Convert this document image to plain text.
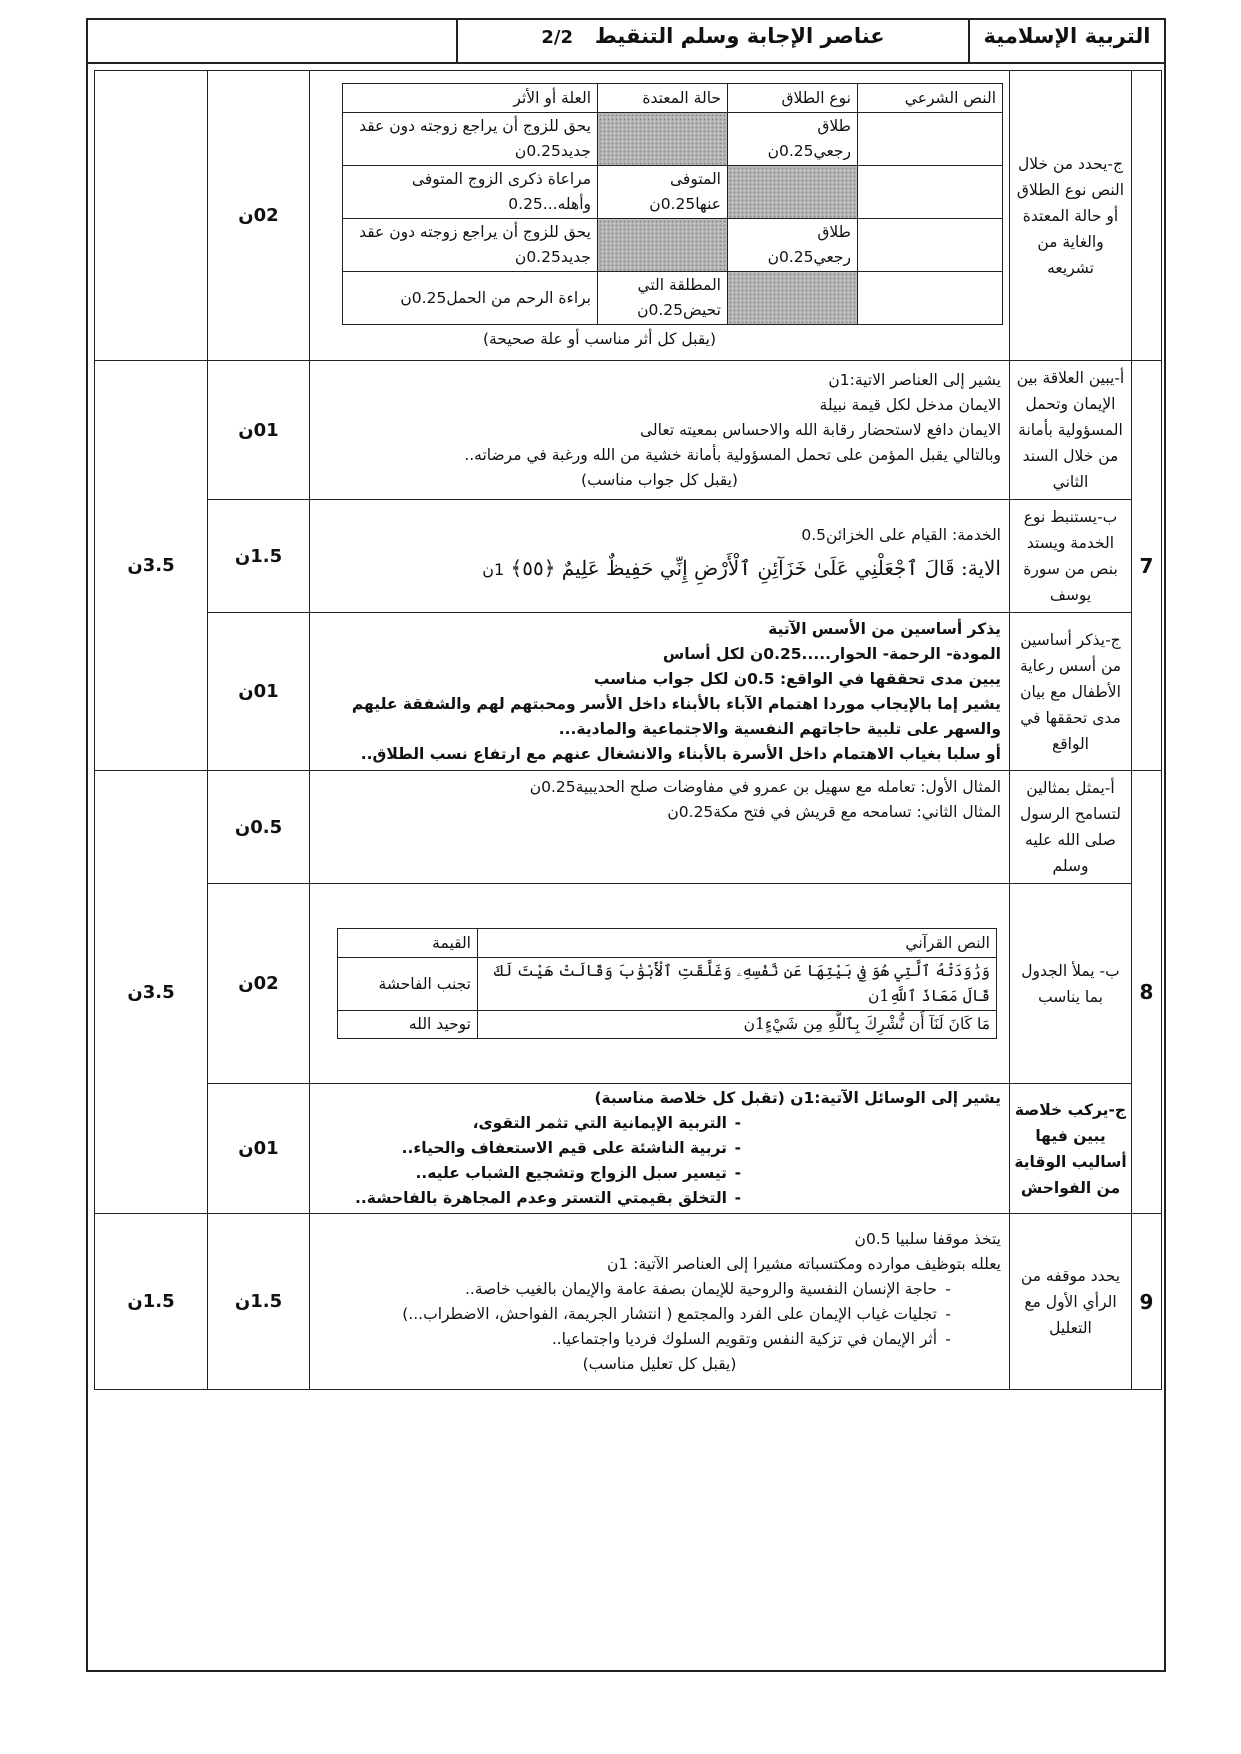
التربية الإسلامية
عناصر الإجابة وسلم التنقيط   2/2
	ج-يحدد من خلال النص نوع الطلاق أو حالة المعتدة والغاية من تشريعه	
النص الشرعي	نوع الطلاق	حالة المعتدة	العلة أو الأثر
	طلاق رجعي0.25ن		يحق للزوج أن يراجع زوجته دون عقد جديد0.25ن
		المتوفى عنها0.25ن	مراعاة ذكرى الزوج المتوفى وأهله...0.25
	طلاق رجعي0.25ن		يحق للزوج أن يراجع زوجته دون عقد جديد0.25ن
		المطلقة التي تحيض0.25ن	براءة الرحم من الحمل0.25ن
(يقبل كل أثر مناسب أو علة صحيحة)
	02ن	
7	أ-يبين العلاقة بين الإيمان وتحمل المسؤولية بأمانة من خلال السند الثاني	
يشير إلى العناصر الاتية:1ن
الايمان مدخل لكل قيمة نبيلة
الايمان دافع لاستحضار رقابة الله والاحساس بمعيته تعالى
وبالتالي يقبل المؤمن على تحمل المسؤولية بأمانة خشية من الله ورغبة في مرضاته..
(يقبل كل جواب مناسب)
	01ن	3.5ن
ب-يستنبط نوع الخدمة ويستد بنص من سورة يوسف	
الخدمة: القيام على الخزائن0.5
الاية: قَالَ ٱجْعَلْنِي عَلَىٰ خَزَآئِنِ ٱلْأَرْضِ إِنِّي حَفِيظٌ عَلِيمٌ ﴿٥٥﴾ 1ن
	1.5ن
ج-يذكر أساسين من أسس رعاية الأطفال مع بيان مدى تحققها في الواقع	
يذكر أساسين من الأسس الآتية
المودة- الرحمة- الحوار.....0.25ن لكل أساس
يبين مدى تحققها في الواقع: 0.5ن لكل جواب مناسب
يشير إما بالإيجاب موردا اهتمام الآباء بالأبناء داخل الأسر ومحبتهم لهم والشفقة عليهم
والسهر على تلبية حاجاتهم النفسية والاجتماعية والمادية...
أو سلبا بغياب الاهتمام داخل الأسرة بالأبناء والانشغال عنهم مع ارتفاع نسب الطلاق..
	01ن
8	أ-يمثل بمثالين لتسامح الرسول صلى الله عليه وسلم	
المثال الأول: تعامله مع سهيل بن عمرو في مفاوضات صلح الحديبية0.25ن
المثال الثاني: تسامحه مع قريش في فتح مكة0.25ن
	0.5ن	3.5ن
ب- يملأ الجدول بما يناسب	
النص القرآني	القيمة
وَرَٰوَدَتْهُ ٱلَّتِي هُوَ فِي بَيْتِهَا عَن نَّفْسِهِۦ وَغَلَّقَتِ ٱلْأَبْوَٰبَ وَقَالَتْ هَيْتَ لَكَ قَالَ مَعَاذَ ٱللَّهِ1ن	تجنب الفاحشة
مَا كَانَ لَنَآ أَن نُّشْرِكَ بِٱللَّهِ مِن شَيْءٍ1ن	توحيد الله
	02ن
ج-يركب خلاصة يبين فيها أساليب الوقاية من الفواحش	
يشير إلى الوسائل الآتية:1ن (تقبل كل خلاصة مناسبة)
- التربية الإيمانية التي تثمر التقوى،
- تربية الناشئة على قيم الاستعفاف والحياء..
- تيسير سبل الزواج وتشجيع الشباب عليه..
- التخلق بقيمتي التستر وعدم المجاهرة بالفاحشة..
	01ن
9	يحدد موقفه من الرأي الأول مع التعليل	
يتخذ موقفا سلبيا 0.5ن
يعلله بتوظيف موارده ومكتسباته مشيرا إلى العناصر الآتية: 1ن
- حاجة الإنسان النفسية والروحية للإيمان بصفة عامة والإيمان بالغيب خاصة..
- تجليات غياب الإيمان على الفرد والمجتمع ( انتشار الجريمة، الفواحش، الاضطراب...)
- أثر الإيمان في تزكية النفس وتقويم السلوك فرديا واجتماعيا..
(يقبل كل تعليل مناسب)
	1.5ن	1.5ن
